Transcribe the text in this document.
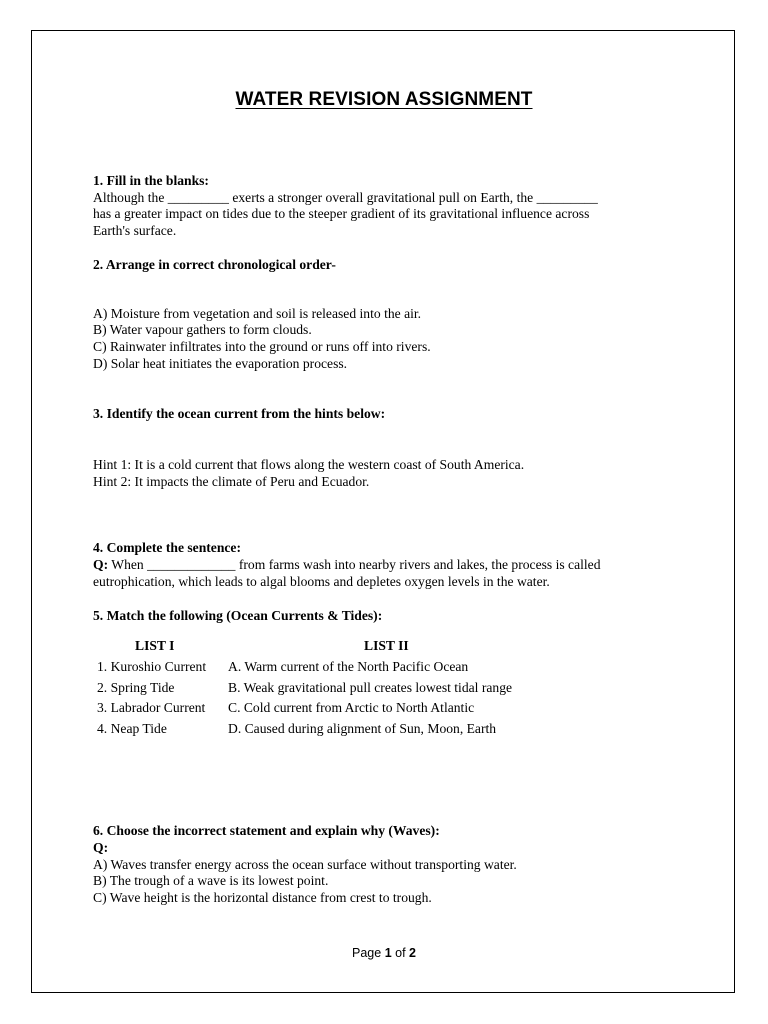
WATER REVISION ASSIGNMENT

1. Fill in the blanks:

Although the _________ exerts a stronger overall gravitational pull on Earth, the _________

has a greater impact on tides due to the steeper gradient of its gravitational influence across

Earth's surface.

2. Arrange in correct chronological order-

A) Moisture from vegetation and soil is released into the air.

B) Water vapour gathers to form clouds.

C) Rainwater infiltrates into the ground or runs off into rivers.

D) Solar heat initiates the evaporation process.

3. Identify the ocean current from the hints below:

Hint 1: It is a cold current that flows along the western coast of South America.

Hint 2: It impacts the climate of Peru and Ecuador.

4. Complete the sentence:

Q: When _____________ from farms wash into nearby rivers and lakes, the process is called

eutrophication, which leads to algal blooms and depletes oxygen levels in the water.

5. Match the following (Ocean Currents & Tides):

LIST I	LIST II
1. Kuroshio Current	A. Warm current of the North Pacific Ocean
2. Spring Tide	B. Weak gravitational pull creates lowest tidal range
3. Labrador Current	C. Cold current from Arctic to North Atlantic
4. Neap Tide	D. Caused during alignment of Sun, Moon, Earth

6. Choose the incorrect statement and explain why (Waves):

Q:

A) Waves transfer energy across the ocean surface without transporting water.

B) The trough of a wave is its lowest point.

C) Wave height is the horizontal distance from crest to trough.

Page 1 of 2
